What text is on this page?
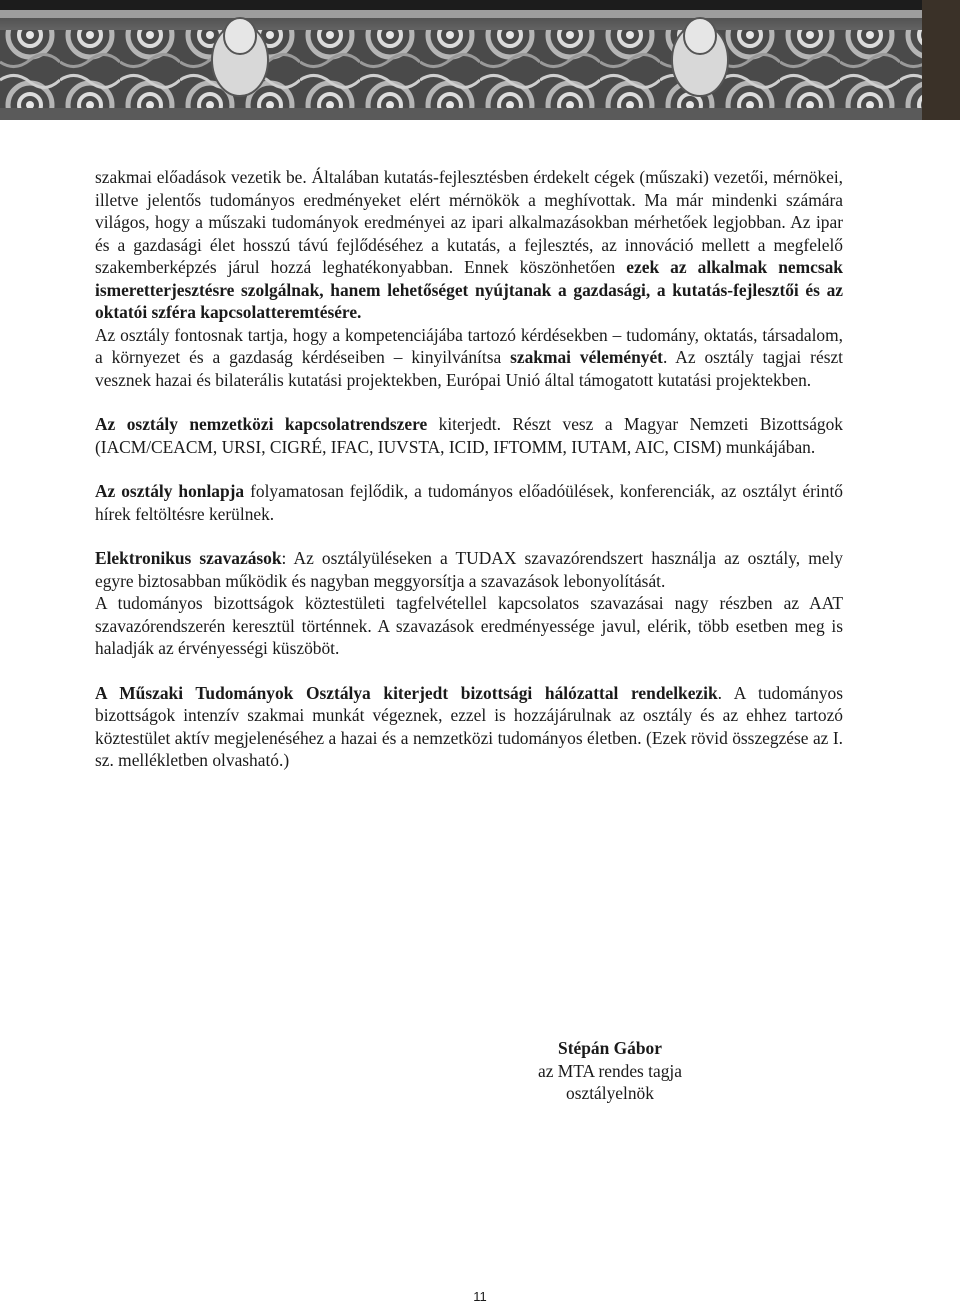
szakmai előadások vezetik be. Általában kutatás-fejlesztésben érdekelt cégek (műszaki) vezetői, mérnökei, illetve jelentős tudományos eredményeket elért mérnökök a meghívottak. Ma már mindenki számára világos, hogy a műszaki tudományok eredményei az ipari alkalmazásokban mérhetőek legjobban. Az ipar és a gazdasági élet hosszú távú fejlődéséhez a kutatás, a fejlesztés, az innováció mellett a megfelelő szakemberképzés járul hozzá leghatékonyabban. Ennek köszönhetően ezek az alkalmak nemcsak ismeretterjesztésre szolgálnak, hanem lehetőséget nyújtanak a gazdasági, a kutatás-fejlesztői és az oktatói szféra kapcsolatteremtésére.

Az osztály fontosnak tartja, hogy a kompetenciájába tartozó kérdésekben – tudomány, oktatás, társadalom, a környezet és a gazdaság kérdéseiben – kinyilvánítsa szakmai véleményét. Az osztály tagjai részt vesznek hazai és bilaterális kutatási projektekben, Európai Unió által támogatott kutatási projektekben.

Az osztály nemzetközi kapcsolatrendszere kiterjedt. Részt vesz a Magyar Nemzeti Bizottságok (IACM/CEACM, URSI, CIGRÉ, IFAC, IUVSTA, ICID, IFTOMM, IUTAM, AIC, CISM) munkájában.

Az osztály honlapja folyamatosan fejlődik, a tudományos előadóülések, konferenciák, az osztályt érintő hírek feltöltésre kerülnek.

Elektronikus szavazások: Az osztályüléseken a TUDAX szavazórendszert használja az osztály, mely egyre biztosabban működik és nagyban meggyorsítja a szavazások lebonyolítását.

A tudományos bizottságok köztestületi tagfelvétellel kapcsolatos szavazásai nagy részben az AAT szavazórendszerén keresztül történnek. A szavazások eredményessége javul, elérik, több esetben meg is haladják az érvényességi küszöböt.

A Műszaki Tudományok Osztálya kiterjedt bizottsági hálózattal rendelkezik. A tudományos bizottságok intenzív szakmai munkát végeznek, ezzel is hozzájárulnak az osztály és az ehhez tartozó köztestület aktív megjelenéséhez a hazai és a nemzetközi tudományos életben. (Ezek rövid összegzése az I. sz. mellékletben olvasható.)

Stépán Gábor
az MTA rendes tagja
osztályelnök
11
